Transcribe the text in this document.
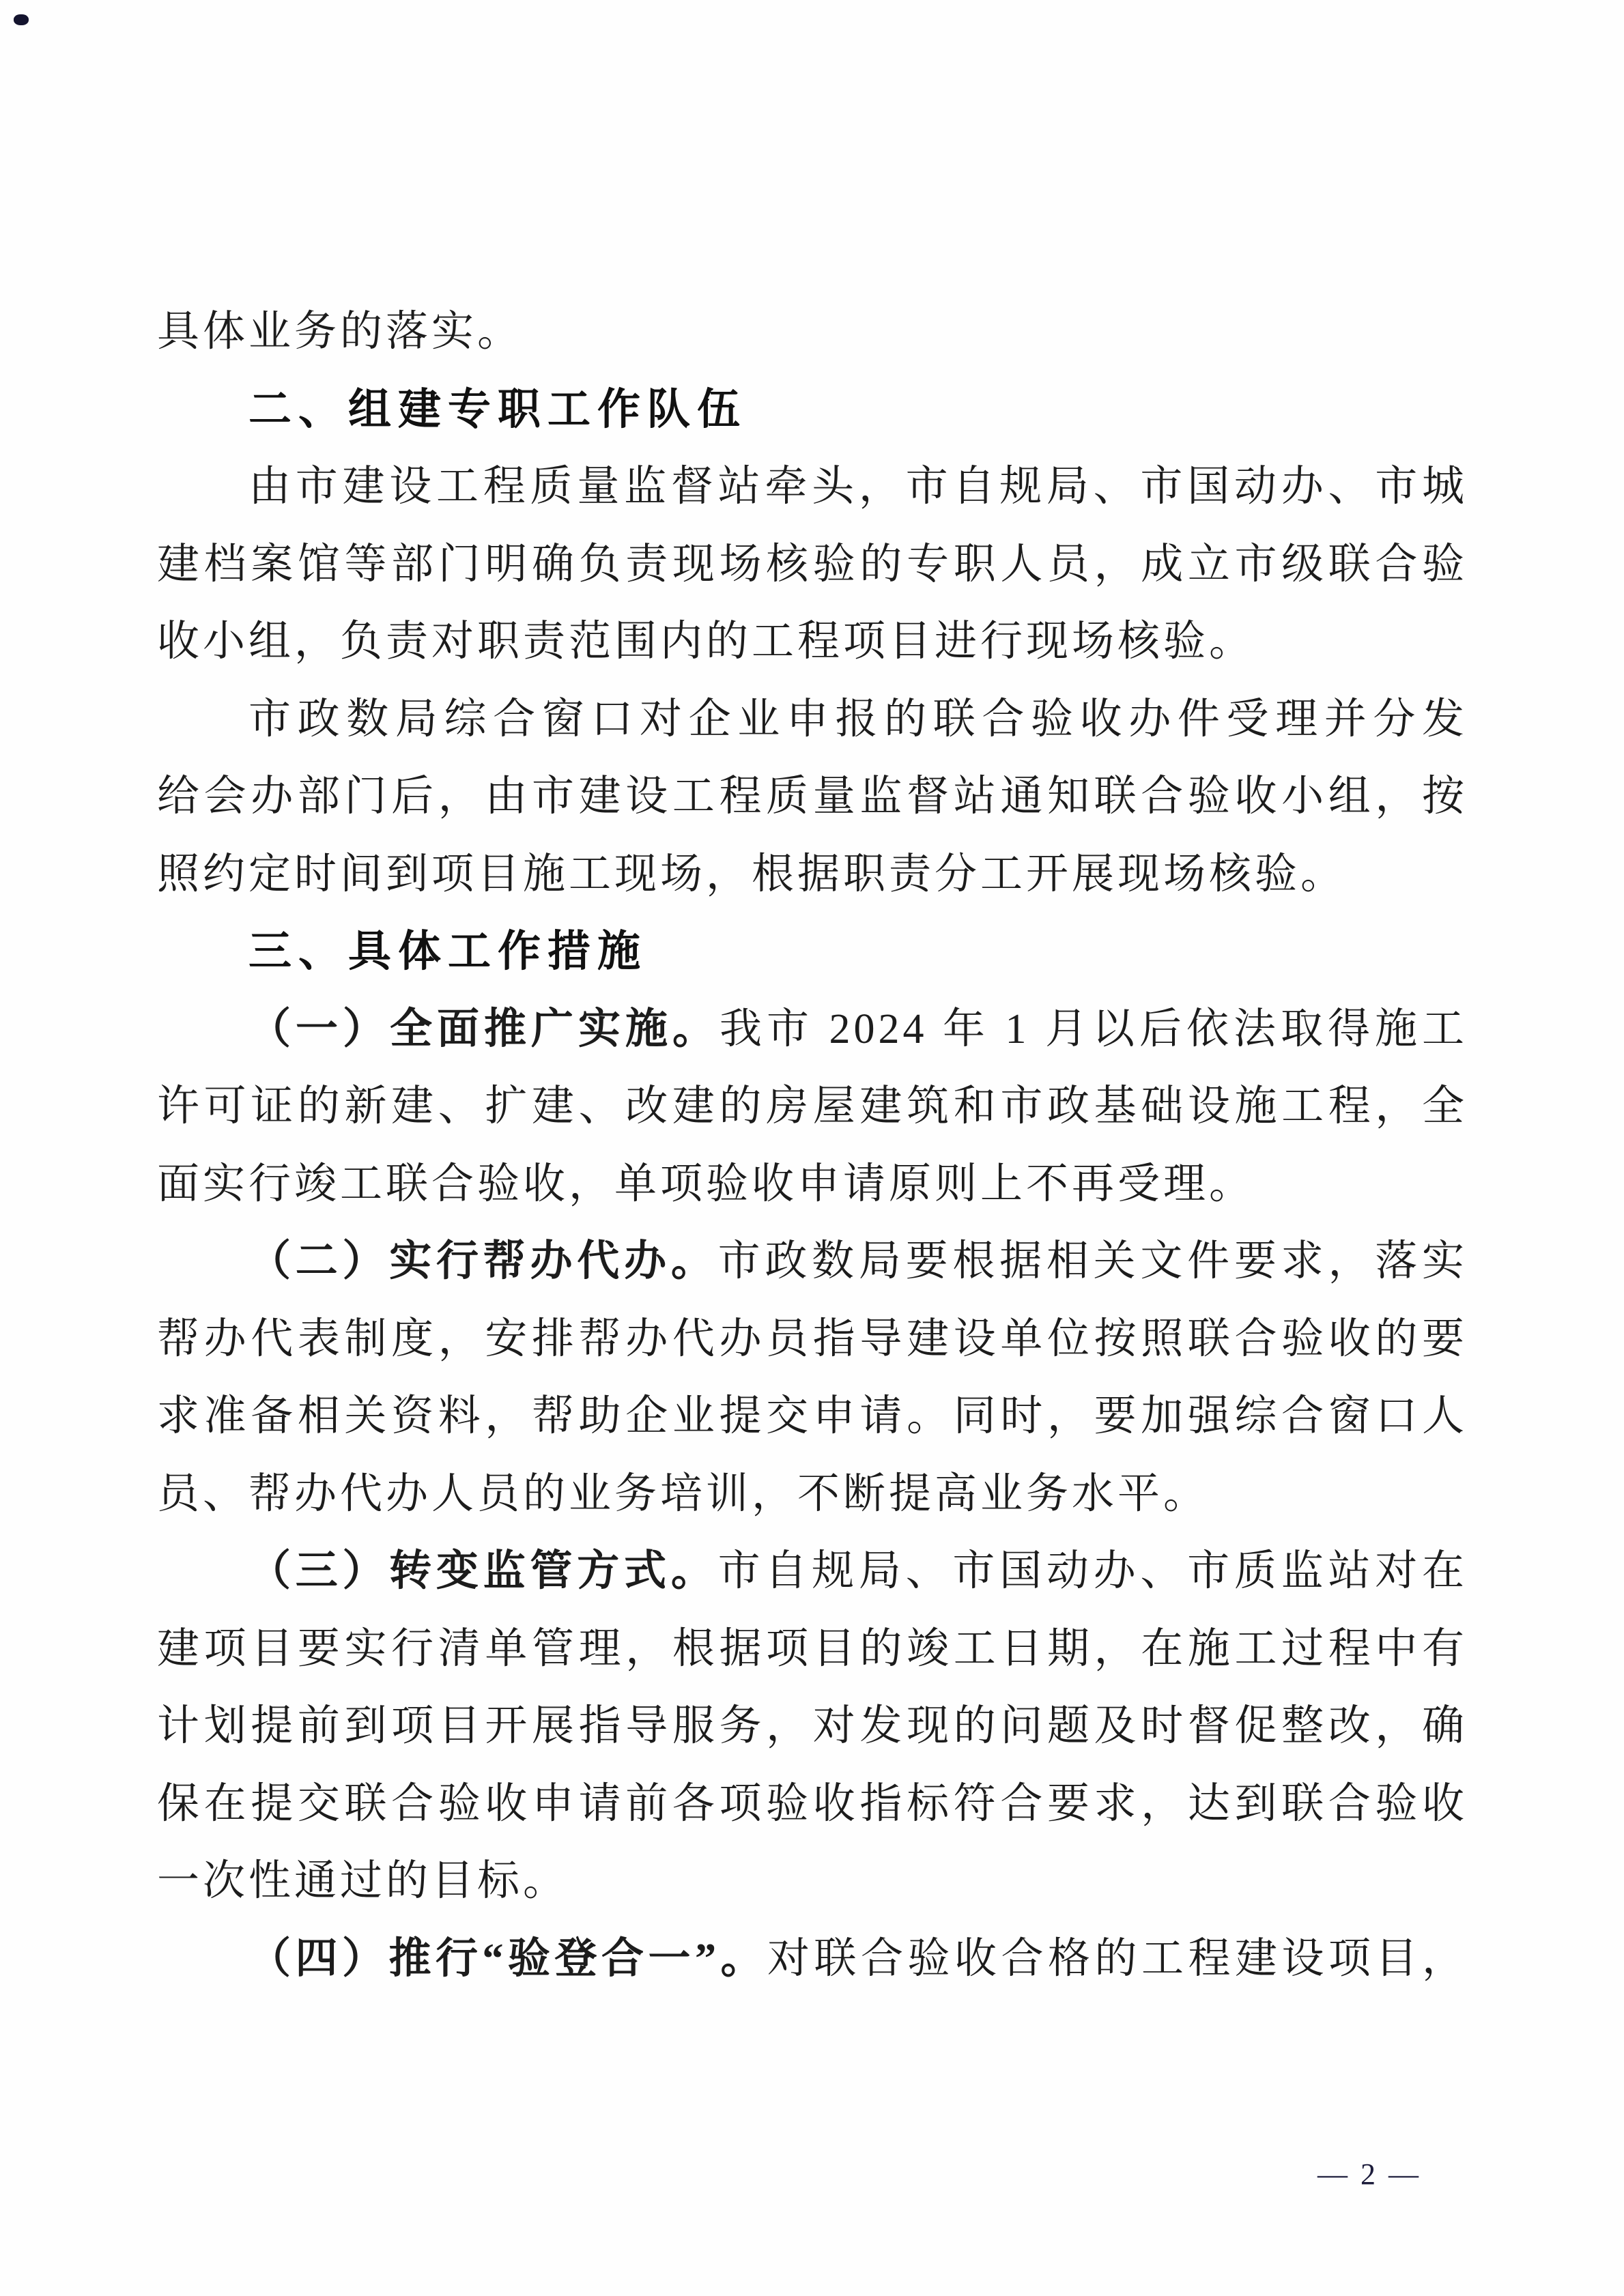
具体业务的落实。
二、组建专职工作队伍
由市建设工程质量监督站牵头，市自规局、市国动办、市城
建档案馆等部门明确负责现场核验的专职人员，成立市级联合验
收小组，负责对职责范围内的工程项目进行现场核验。
市政数局综合窗口对企业申报的联合验收办件受理并分发
给会办部门后，由市建设工程质量监督站通知联合验收小组，按
照约定时间到项目施工现场，根据职责分工开展现场核验。
三、具体工作措施
（一）全面推广实施。我市 2024 年 1 月以后依法取得施工
许可证的新建、扩建、改建的房屋建筑和市政基础设施工程，全
面实行竣工联合验收，单项验收申请原则上不再受理。
（二）实行帮办代办。市政数局要根据相关文件要求，落实
帮办代表制度，安排帮办代办员指导建设单位按照联合验收的要
求准备相关资料，帮助企业提交申请。同时，要加强综合窗口人
员、帮办代办人员的业务培训，不断提高业务水平。
（三）转变监管方式。市自规局、市国动办、市质监站对在
建项目要实行清单管理，根据项目的竣工日期，在施工过程中有
计划提前到项目开展指导服务，对发现的问题及时督促整改，确
保在提交联合验收申请前各项验收指标符合要求，达到联合验收
一次性通过的目标。
（四）推行“验登合一”。对联合验收合格的工程建设项目，
— 2 —
